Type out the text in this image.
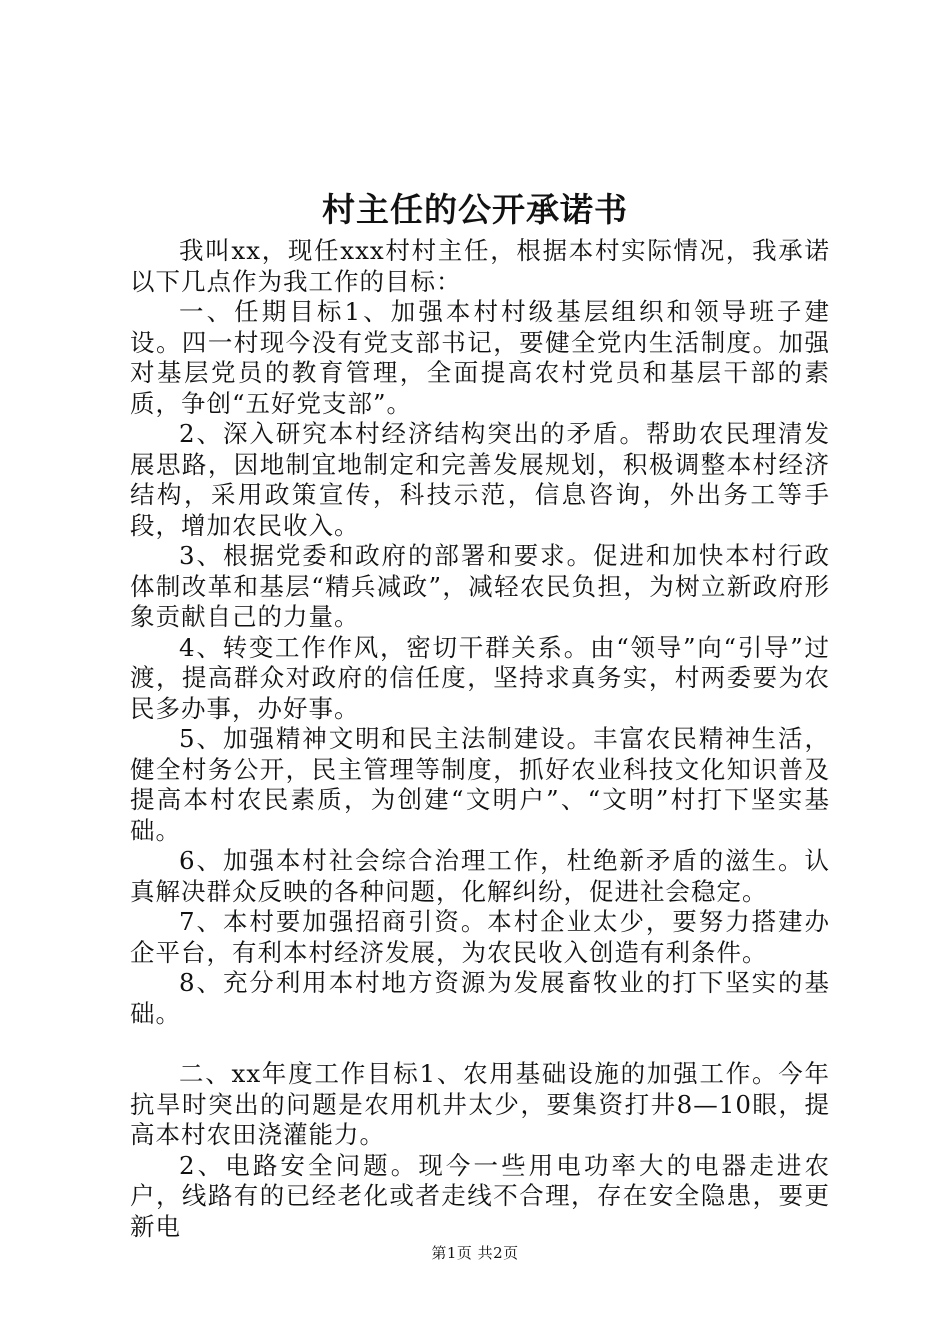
村主任的公开承诺书

我叫xx，现任xxx村村主任，根据本村实际情况，我承诺以下几点作为我工作的目标：

一、任期目标1、加强本村村级基层组织和领导班子建设。四一村现今没有党支部书记，要健全党内生活制度。加强对基层党员的教育管理，全面提高农村党员和基层干部的素质，争创“五好党支部”。

2、深入研究本村经济结构突出的矛盾。帮助农民理清发展思路，因地制宜地制定和完善发展规划，积极调整本村经济结构，采用政策宣传，科技示范，信息咨询，外出务工等手段，增加农民收入。

3、根据党委和政府的部署和要求。促进和加快本村行政体制改革和基层“精兵减政”，减轻农民负担，为树立新政府形象贡献自己的力量。

4、转变工作作风，密切干群关系。由“领导”向“引导”过渡，提高群众对政府的信任度，坚持求真务实，村两委要为农民多办事，办好事。

5、加强精神文明和民主法制建设。丰富农民精神生活，健全村务公开，民主管理等制度，抓好农业科技文化知识普及提高本村农民素质，为创建“文明户”、“文明”村打下坚实基础。

6、加强本村社会综合治理工作，杜绝新矛盾的滋生。认真解决群众反映的各种问题，化解纠纷，促进社会稳定。

7、本村要加强招商引资。本村企业太少，要努力搭建办企平台，有利本村经济发展，为农民收入创造有利条件。

8、充分利用本村地方资源为发展畜牧业的打下坚实的基础。

二、xx年度工作目标1、农用基础设施的加强工作。今年抗旱时突出的问题是农用机井太少，要集资打井8—10眼，提高本村农田浇灌能力。

2、电路安全问题。现今一些用电功率大的电器走进农户，线路有的已经老化或者走线不合理，存在安全隐患，要更新电

第1页 共2页
